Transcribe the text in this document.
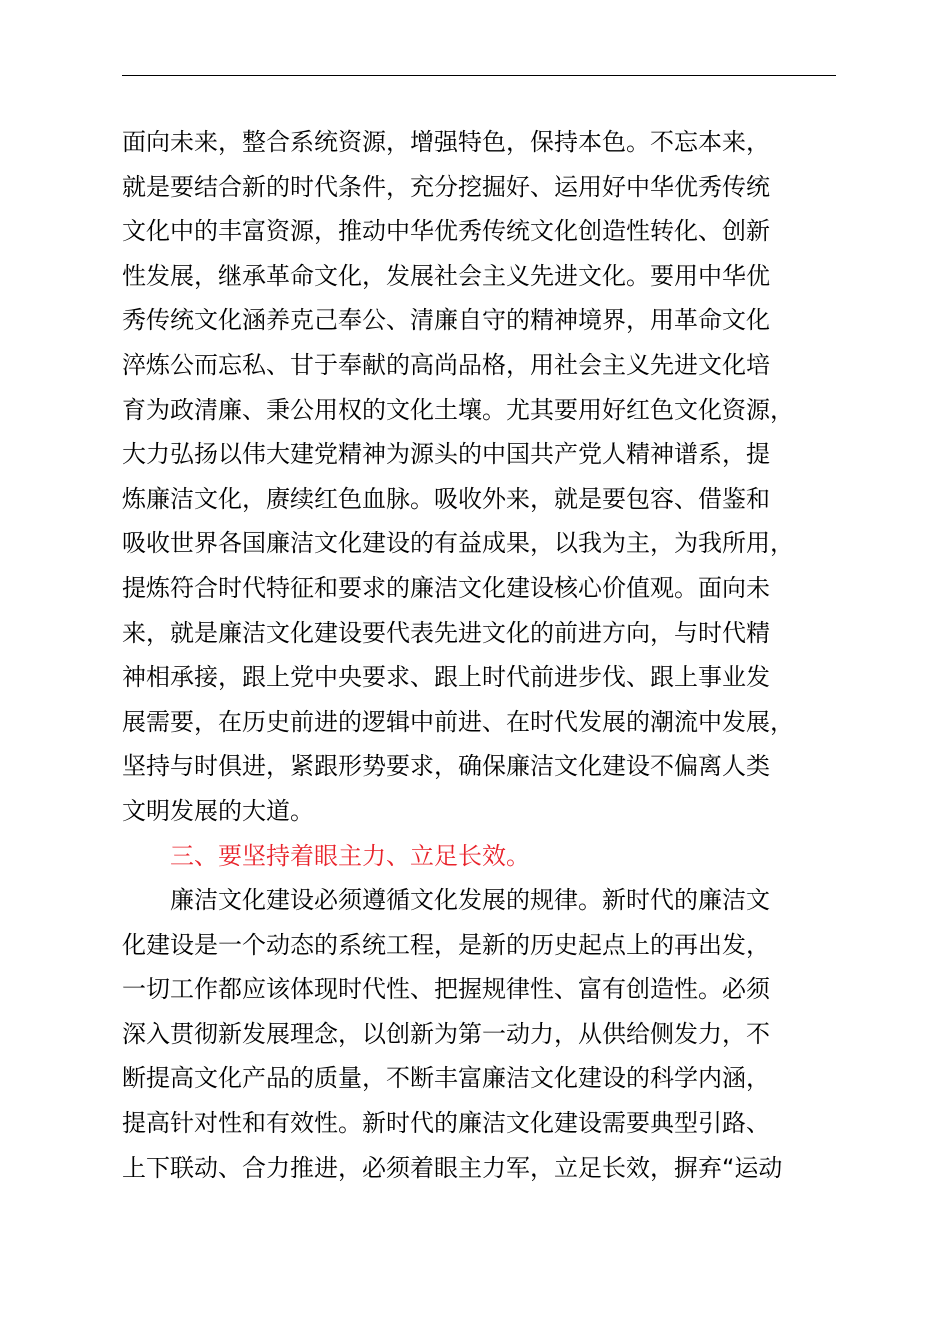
面向未来，整合系统资源，增强特色，保持本色。不忘本来，
就是要结合新的时代条件，充分挖掘好、运用好中华优秀传统
文化中的丰富资源，推动中华优秀传统文化创造性转化、创新
性发展，继承革命文化，发展社会主义先进文化。要用中华优
秀传统文化涵养克己奉公、清廉自守的精神境界，用革命文化
淬炼公而忘私、甘于奉献的高尚品格，用社会主义先进文化培
育为政清廉、秉公用权的文化土壤。尤其要用好红色文化资源，
大力弘扬以伟大建党精神为源头的中国共产党人精神谱系，提
炼廉洁文化，赓续红色血脉。吸收外来，就是要包容、借鉴和
吸收世界各国廉洁文化建设的有益成果，以我为主，为我所用，
提炼符合时代特征和要求的廉洁文化建设核心价值观。面向未
来，就是廉洁文化建设要代表先进文化的前进方向，与时代精
神相承接，跟上党中央要求、跟上时代前进步伐、跟上事业发
展需要，在历史前进的逻辑中前进、在时代发展的潮流中发展，
坚持与时俱进，紧跟形势要求，确保廉洁文化建设不偏离人类
文明发展的大道。
三、要坚持着眼主力、立足长效。
廉洁文化建设必须遵循文化发展的规律。新时代的廉洁文
化建设是一个动态的系统工程，是新的历史起点上的再出发，
一切工作都应该体现时代性、把握规律性、富有创造性。必须
深入贯彻新发展理念，以创新为第一动力，从供给侧发力，不
断提高文化产品的质量，不断丰富廉洁文化建设的科学内涵，
提高针对性和有效性。新时代的廉洁文化建设需要典型引路、
上下联动、合力推进，必须着眼主力军，立足长效，摒弃“运动
